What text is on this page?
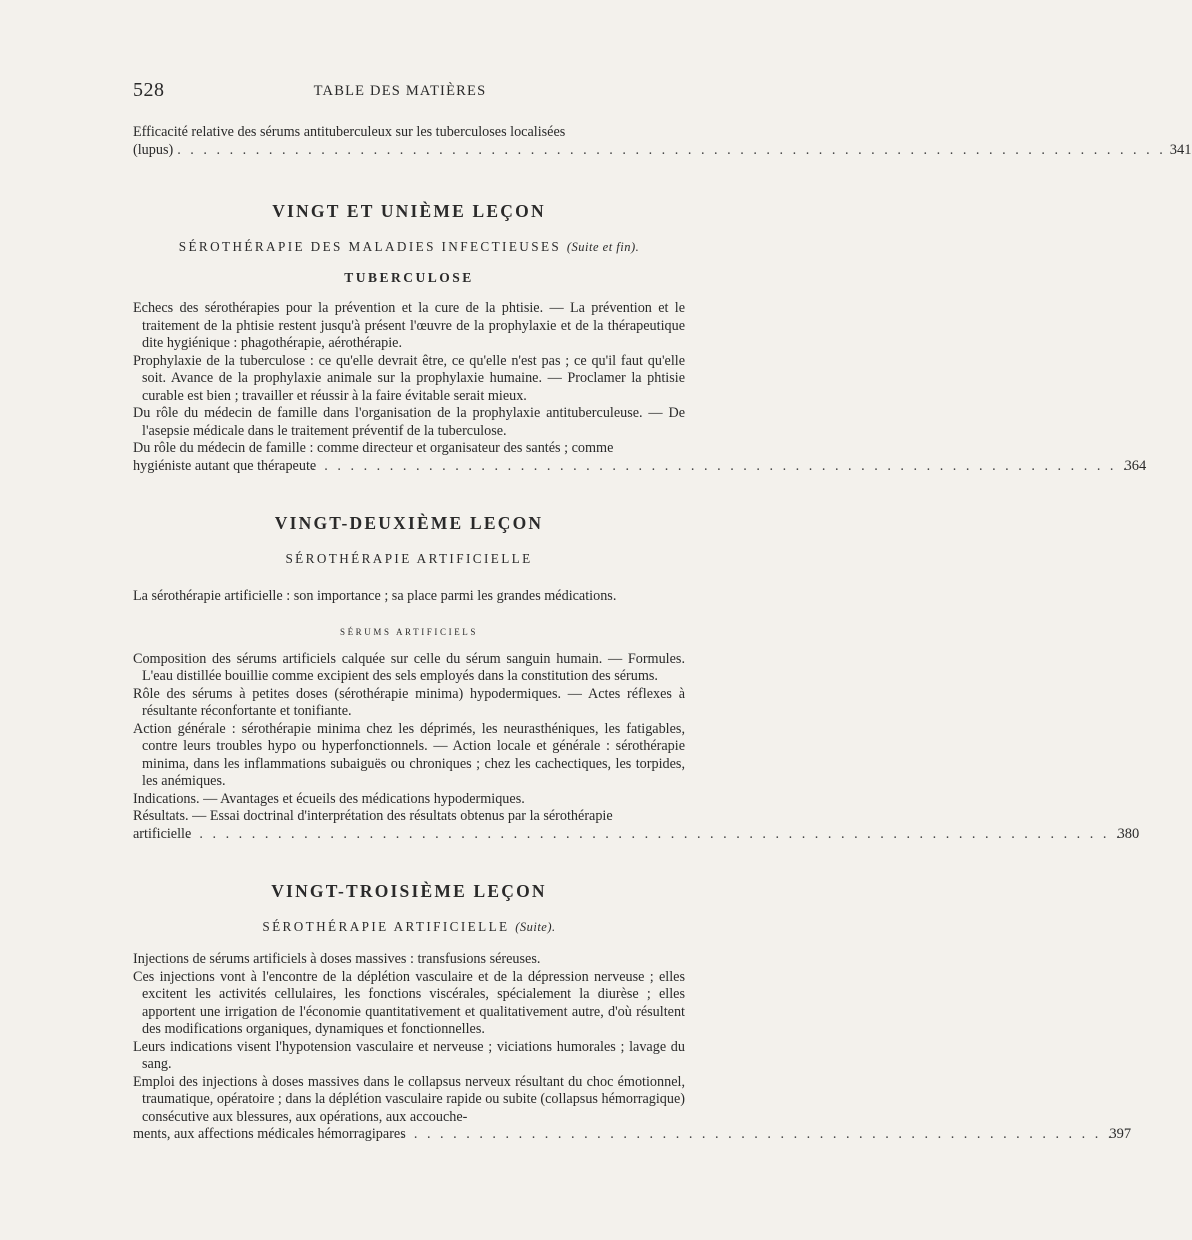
528	TABLE DES MATIÈRES
Efficacité relative des sérums antituberculeux sur les tuberculoses localisées
(lupus) . . . . . . . . . . . . . . . . . . . . . . . . . . . . . . . . . . . . . . . . . . . . . . . . . . . . . . . . . . . . . . . . . . . . . . . . . . . . 341
VINGT ET UNIÈME LEÇON
SÉROTHÉRAPIE DES MALADIES INFECTIEUSES (Suite et fin).
TUBERCULOSE

Echecs des sérothérapies pour la prévention et la cure de la phtisie. — La prévention et le traitement de la phtisie restent jusqu'à présent l'œuvre de la prophylaxie et de la thérapeutique dite hygiénique : phagothérapie, aérothérapie.

Prophylaxie de la tuberculose : ce qu'elle devrait être, ce qu'elle n'est pas ; ce qu'il faut qu'elle soit. Avance de la prophylaxie animale sur la prophylaxie humaine. — Proclamer la phtisie curable est bien ; travailler et réussir à la faire évitable serait mieux.

Du rôle du médecin de famille dans l'organisation de la prophylaxie antituberculeuse. — De l'asepsie médicale dans le traitement préventif de la tuberculose.

Du rôle du médecin de famille : comme directeur et organisateur des santés ; comme
hygiéniste autant que thérapeute
. . . . . . . . . . . . . . . . . . . . . . . . . . . . . . . . . . . . . . . . . . . . . . . . . . . . . . . . . . . . . . .
364
VINGT-DEUXIÈME LEÇON
SÉROTHÉRAPIE ARTIFICIELLE

La sérothérapie artificielle : son importance ; sa place parmi les grandes médications.

SÉRUMS ARTIFICIELS

Composition des sérums artificiels calquée sur celle du sérum sanguin humain. — Formules. L'eau distillée bouillie comme excipient des sels employés dans la constitution des sérums.

Rôle des sérums à petites doses (sérothérapie minima) hypodermiques. — Actes réflexes à résultante réconfortante et tonifiante.

Action générale : sérothérapie minima chez les déprimés, les neurasthéniques, les fatigables, contre leurs troubles hypo ou hyperfonctionnels. — Action locale et générale : sérothérapie minima, dans les inflammations subaiguës ou chroniques ; chez les cachectiques, les torpides, les anémiques.

Indications. — Avantages et écueils des médications hypodermiques.

Résultats. — Essai doctrinal d'interprétation des résultats obtenus par la sérothérapie
artificielle
. . . . . . . . . . . . . . . . . . . . . . . . . . . . . . . . . . . . . . . . . . . . . . . . . . . . . . . . . . . . . . . . . . . . . . . .
380
VINGT-TROISIÈME LEÇON
SÉROTHÉRAPIE ARTIFICIELLE (Suite).

Injections de sérums artificiels à doses massives : transfusions séreuses.

Ces injections vont à l'encontre de la déplétion vasculaire et de la dépression nerveuse ; elles excitent les activités cellulaires, les fonctions viscérales, spécialement la diurèse ; elles apportent une irrigation de l'économie quantitativement et qualitativement autre, d'où résultent des modifications organiques, dynamiques et fonctionnelles.

Leurs indications visent l'hypotension vasculaire et nerveuse ; viciations humorales ; lavage du sang.

Emploi des injections à doses massives dans le collapsus nerveux résultant du choc émotionnel, traumatique, opératoire ; dans la déplétion vasculaire rapide ou subite (collapsus hémorragique) consécutive aux blessures, aux opérations, aux accouche-
ments, aux affections médicales hémorragipares
. . . . . . . . . . . . . . . . . . . . . . . . . . . . . . . . . . . . . . . . . . . . . . . . . . . . . . .
397
